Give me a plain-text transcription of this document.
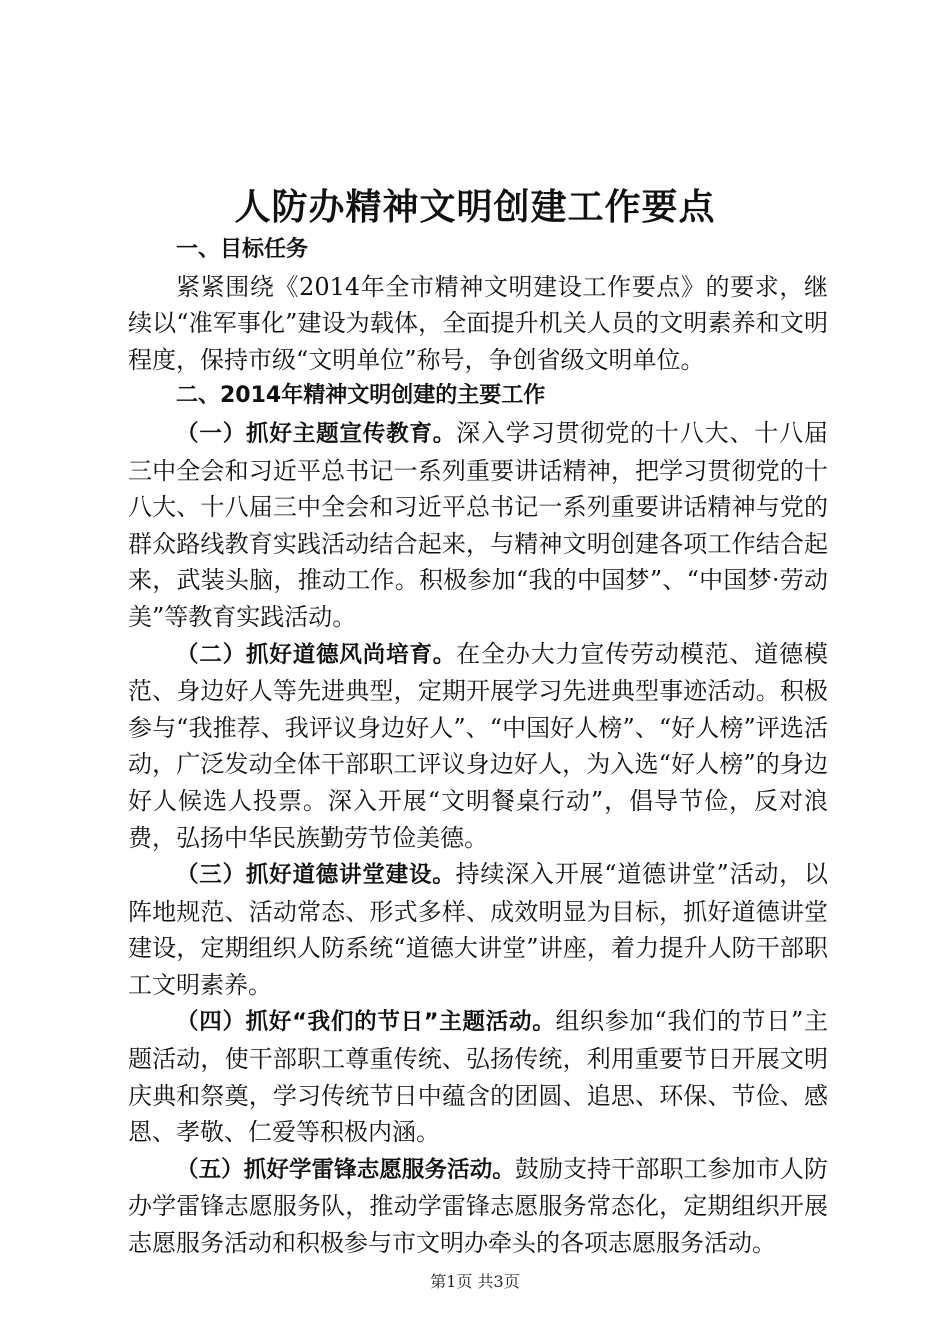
人防办精神文明创建工作要点

一、目标任务

紧紧围绕《2014年全市精神文明建设工作要点》的要求，继续以“准军事化”建设为载体，全面提升机关人员的文明素养和文明程度，保持市级“文明单位”称号，争创省级文明单位。

二、2014年精神文明创建的主要工作

（一）抓好主题宣传教育。深入学习贯彻党的十八大、十八届三中全会和习近平总书记一系列重要讲话精神，把学习贯彻党的十八大、十八届三中全会和习近平总书记一系列重要讲话精神与党的群众路线教育实践活动结合起来，与精神文明创建各项工作结合起来，武装头脑，推动工作。积极参加“我的中国梦”、“中国梦·劳动美”等教育实践活动。

（二）抓好道德风尚培育。在全办大力宣传劳动模范、道德模范、身边好人等先进典型，定期开展学习先进典型事迹活动。积极参与“我推荐、我评议身边好人”、“中国好人榜”、“好人榜”评选活动，广泛发动全体干部职工评议身边好人，为入选“好人榜”的身边好人候选人投票。深入开展“文明餐桌行动”，倡导节俭，反对浪费，弘扬中华民族勤劳节俭美德。

（三）抓好道德讲堂建设。持续深入开展“道德讲堂”活动，以阵地规范、活动常态、形式多样、成效明显为目标，抓好道德讲堂建设，定期组织人防系统“道德大讲堂”讲座，着力提升人防干部职工文明素养。

（四）抓好“我们的节日”主题活动。组织参加“我们的节日”主题活动，使干部职工尊重传统、弘扬传统，利用重要节日开展文明庆典和祭奠，学习传统节日中蕴含的团圆、追思、环保、节俭、感恩、孝敬、仁爱等积极内涵。

（五）抓好学雷锋志愿服务活动。鼓励支持干部职工参加市人防办学雷锋志愿服务队，推动学雷锋志愿服务常态化，定期组织开展志愿服务活动和积极参与市文明办牵头的各项志愿服务活动。

第1页 共3页
